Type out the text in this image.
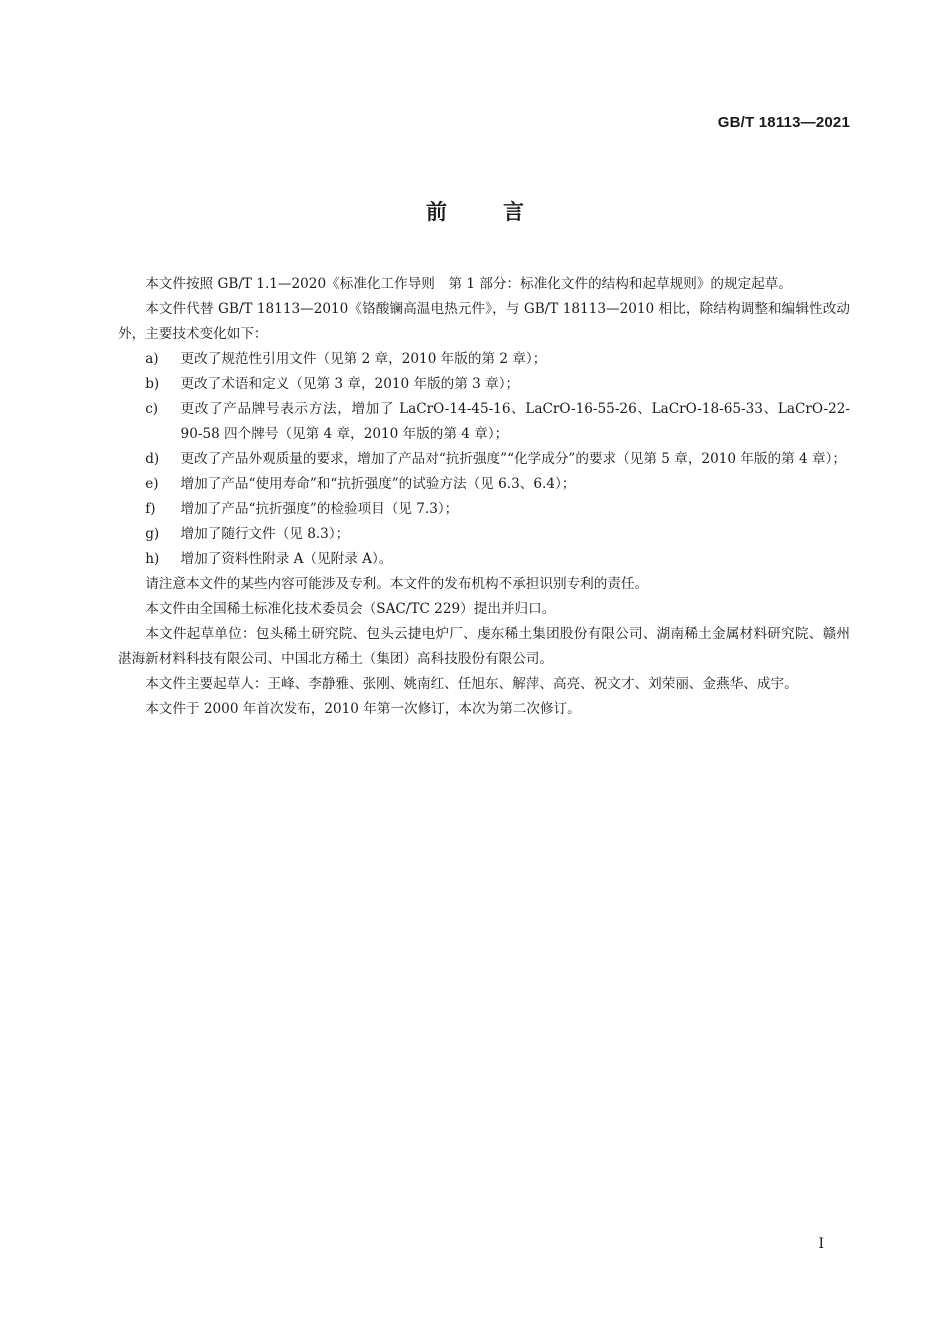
GB/T 18113—2021
前言

本文件按照 GB/T 1.1—2020《标准化工作导则　第 1 部分：标准化文件的结构和起草规则》的规定起草。

本文件代替 GB/T 18113—2010《铬酸镧高温电热元件》，与 GB/T 18113—2010 相比，除结构调整和编辑性改动外，主要技术变化如下：

a)	更改了规范性引用文件（见第 2 章，2010 年版的第 2 章）；
b)	更改了术语和定义（见第 3 章，2010 年版的第 3 章）；
c)	更改了产品牌号表示方法，增加了 LaCrO-14-45-16、LaCrO-16-55-26、LaCrO-18-65-33、LaCrO-22-90-58 四个牌号（见第 4 章，2010 年版的第 4 章）；
d)	更改了产品外观质量的要求，增加了产品对“抗折强度”“化学成分”的要求（见第 5 章，2010 年版的第 4 章）；
e)	增加了产品“使用寿命”和“抗折强度”的试验方法（见 6.3、6.4）；
f)	增加了产品“抗折强度”的检验项目（见 7.3）；
g)	增加了随行文件（见 8.3）；
h)	增加了资料性附录 A（见附录 A）。

请注意本文件的某些内容可能涉及专利。本文件的发布机构不承担识别专利的责任。

本文件由全国稀土标准化技术委员会（SAC/TC 229）提出并归口。

本文件起草单位：包头稀土研究院、包头云捷电炉厂、虔东稀土集团股份有限公司、湖南稀土金属材料研究院、赣州湛海新材料科技有限公司、中国北方稀土（集团）高科技股份有限公司。

本文件主要起草人：王峰、李静雅、张刚、姚南红、任旭东、解萍、高亮、祝文才、刘荣丽、金燕华、成宇。

本文件于 2000 年首次发布，2010 年第一次修订，本次为第二次修订。

I
